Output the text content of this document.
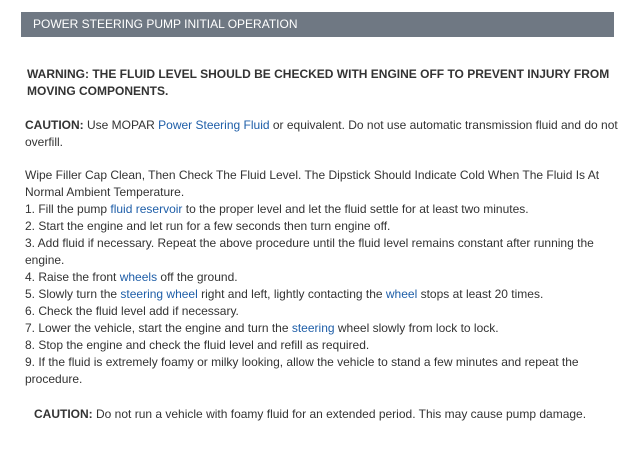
POWER STEERING PUMP INITIAL OPERATION
WARNING: THE FLUID LEVEL SHOULD BE CHECKED WITH ENGINE OFF TO PREVENT INJURY FROM MOVING COMPONENTS.
CAUTION: Use MOPAR Power Steering Fluid or equivalent. Do not use automatic transmission fluid and do not overfill.
Wipe Filler Cap Clean, Then Check The Fluid Level. The Dipstick Should Indicate Cold When The Fluid Is At Normal Ambient Temperature.
1. Fill the pump fluid reservoir to the proper level and let the fluid settle for at least two minutes.
2. Start the engine and let run for a few seconds then turn engine off.
3. Add fluid if necessary. Repeat the above procedure until the fluid level remains constant after running the engine.
4. Raise the front wheels off the ground.
5. Slowly turn the steering wheel right and left, lightly contacting the wheel stops at least 20 times.
6. Check the fluid level add if necessary.
7. Lower the vehicle, start the engine and turn the steering wheel slowly from lock to lock.
8. Stop the engine and check the fluid level and refill as required.
9. If the fluid is extremely foamy or milky looking, allow the vehicle to stand a few minutes and repeat the procedure.
CAUTION: Do not run a vehicle with foamy fluid for an extended period. This may cause pump damage.
